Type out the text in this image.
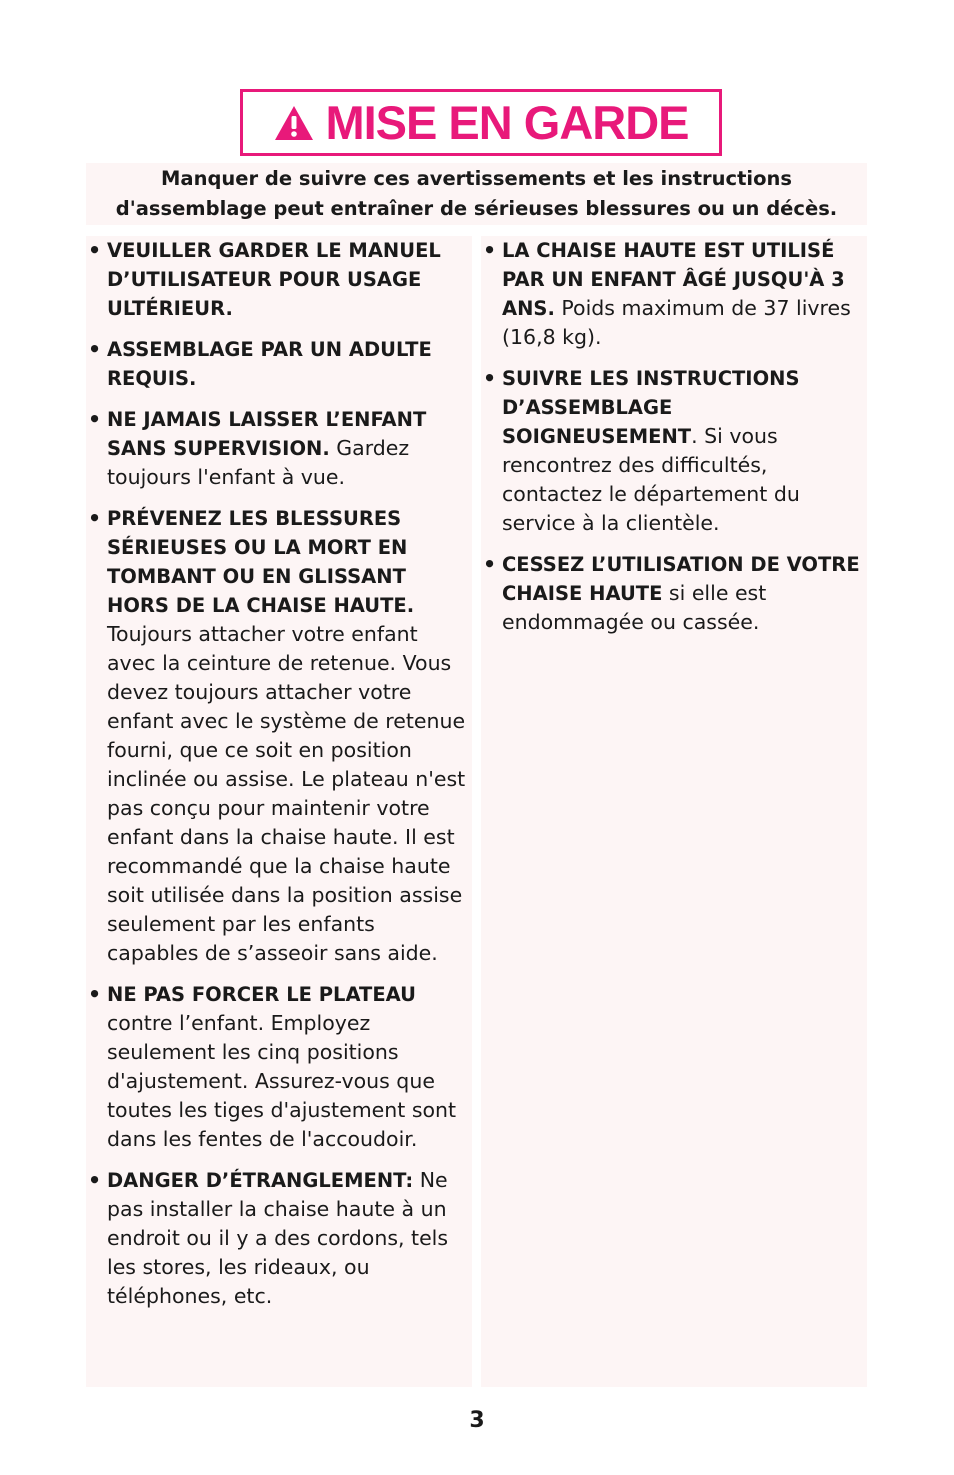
MISE EN GARDE
Manquer de suivre ces avertissements et les instructions
d'assemblage peut entraîner de sérieuses blessures ou un décès.
• VEUILLER GARDER LE MANUEL D’UTILISATEUR POUR USAGE ULTÉRIEUR.
• ASSEMBLAGE PAR UN ADULTE REQUIS.
• NE JAMAIS LAISSER L’ENFANT SANS SUPERVISION. Gardez toujours l'enfant à vue.
• PRÉVENEZ LES BLESSURES SÉRIEUSES OU LA MORT EN TOMBANT OU EN GLISSANT HORS DE LA CHAISE HAUTE. Toujours attacher votre enfant avec la ceinture de retenue. Vous devez toujours attacher votre enfant avec le système de retenue fourni, que ce soit en position inclinée ou assise. Le plateau n'est pas conçu pour maintenir votre enfant dans la chaise haute. Il est recommandé que la chaise haute soit utilisée dans la position assise seulement par les enfants capables de s’asseoir sans aide.
• NE PAS FORCER LE PLATEAU contre l’enfant. Employez seulement les cinq positions d'ajustement. Assurez-vous que toutes les tiges d'ajustement sont dans les fentes de l'accoudoir.
• DANGER D’ÉTRANGLEMENT: Ne pas installer la chaise haute à un endroit ou il y a des cordons, tels les stores, les rideaux, ou téléphones, etc.
• LA CHAISE HAUTE EST UTILISÉ PAR UN ENFANT ÂGÉ JUSQU'À 3 ANS. Poids maximum de 37 livres (16,8 kg).
• SUIVRE LES INSTRUCTIONS D’ASSEMBLAGE SOIGNEUSEMENT. Si vous rencontrez des difficultés, contactez le département du service à la clientèle.
• CESSEZ L’UTILISATION DE VOTRE CHAISE HAUTE si elle est endommagée ou cassée.
3
